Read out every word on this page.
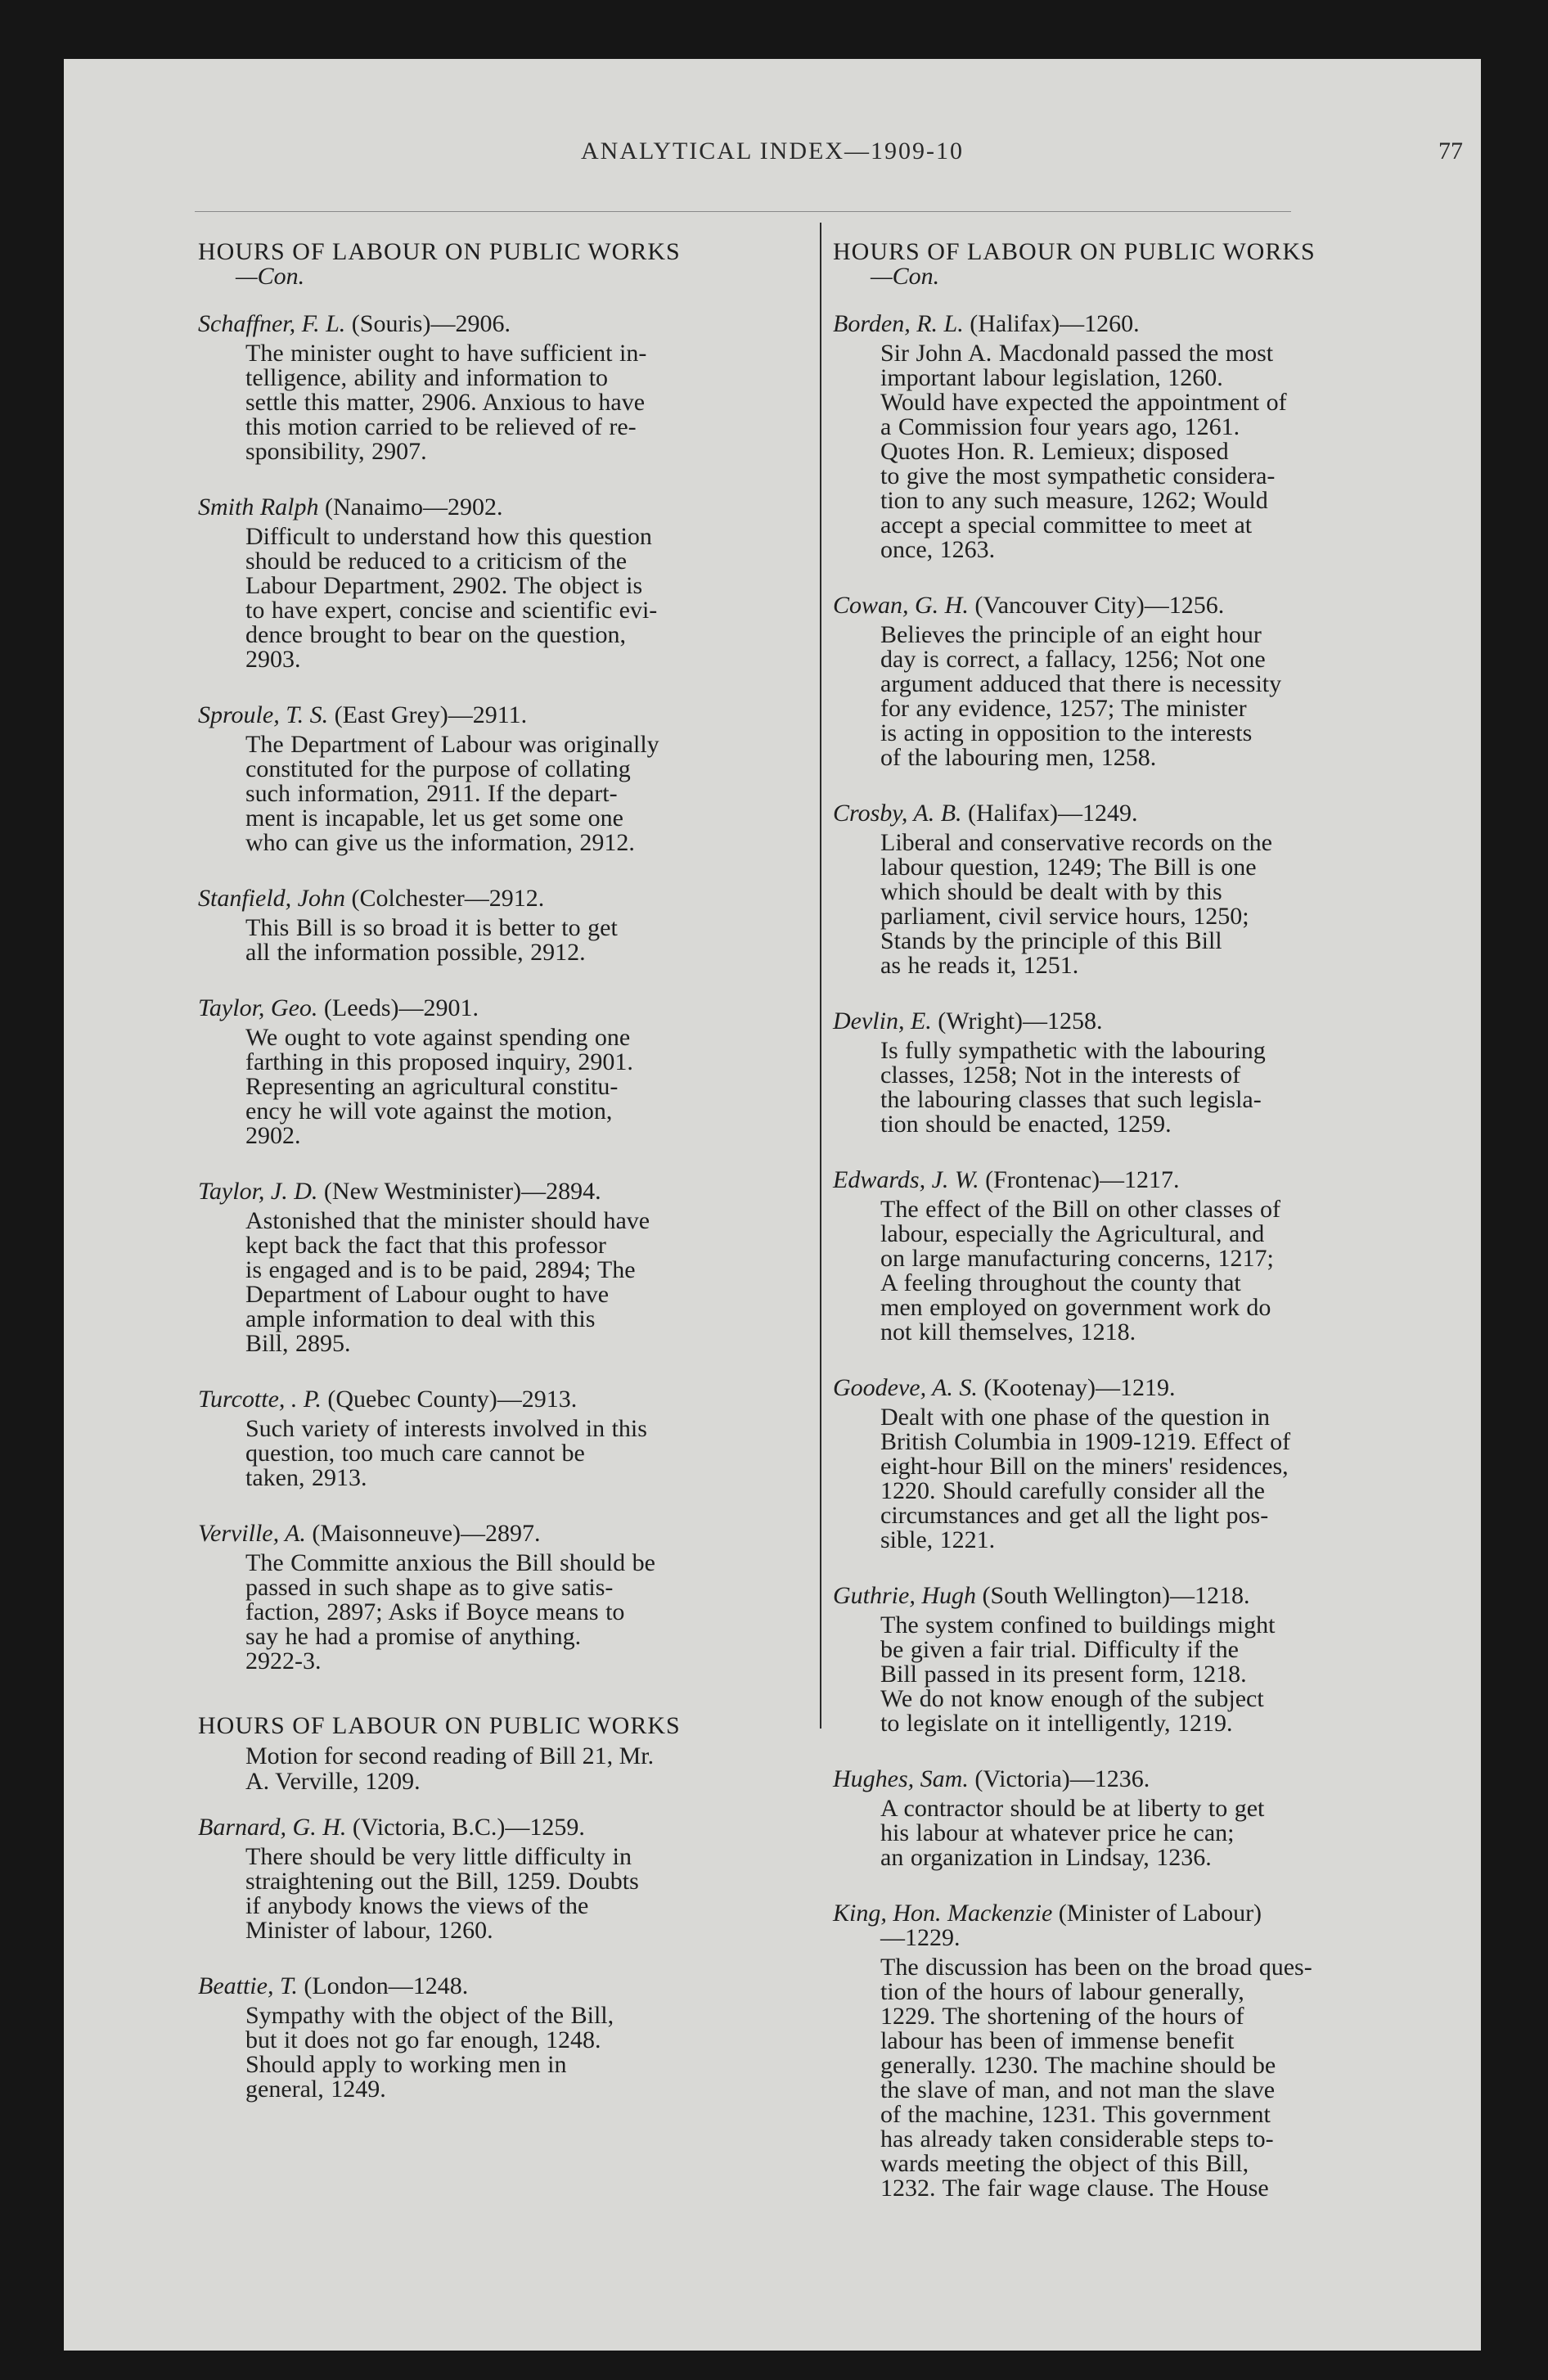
ANALYTICAL INDEX—1909-10	77
HOURS OF LABOUR ON PUBLIC WORKS
—Con.
Schaffner, F. L. (Souris)—2906.
The minister ought to have sufficient in-
telligence, ability and information to
settle this matter, 2906. Anxious to have
this motion carried to be relieved of re-
sponsibility, 2907.
Smith Ralph (Nanaimo—2902.
Difficult to understand how this question
should be reduced to a criticism of the
Labour Department, 2902. The object is
to have expert, concise and scientific evi-
dence brought to bear on the question,
2903.
Sproule, T. S. (East Grey)—2911.
The Department of Labour was originally
constituted for the purpose of collating
such information, 2911. If the depart-
ment is incapable, let us get some one
who can give us the information, 2912.
Stanfield, John (Colchester—2912.
This Bill is so broad it is better to get
all the information possible, 2912.
Taylor, Geo. (Leeds)—2901.
We ought to vote against spending one
farthing in this proposed inquiry, 2901.
Representing an agricultural constitu-
ency he will vote against the motion,
2902.
Taylor, J. D. (New Westminister)—2894.
Astonished that the minister should have
kept back the fact that this professor
is engaged and is to be paid, 2894; The
Department of Labour ought to have
ample information to deal with this
Bill, 2895.
Turcotte, . P. (Quebec County)—2913.
Such variety of interests involved in this
question, too much care cannot be
taken, 2913.
Verville, A. (Maisonneuve)—2897.
The Committe anxious the Bill should be
passed in such shape as to give satis-
faction, 2897; Asks if Boyce means to
say he had a promise of anything.
2922-3.
HOURS OF LABOUR ON PUBLIC WORKS
Motion for second reading of Bill 21, Mr.
A. Verville, 1209.
Barnard, G. H. (Victoria, B.C.)—1259.
There should be very little difficulty in
straightening out the Bill, 1259. Doubts
if anybody knows the views of the
Minister of labour, 1260.
Beattie, T. (London—1248.
Sympathy with the object of the Bill,
but it does not go far enough, 1248.
Should apply to working men in
general, 1249.
HOURS OF LABOUR ON PUBLIC WORKS
—Con.
Borden, R. L. (Halifax)—1260.
Sir John A. Macdonald passed the most
important labour legislation, 1260.
Would have expected the appointment of
a Commission four years ago, 1261.
Quotes Hon. R. Lemieux; disposed
to give the most sympathetic considera-
tion to any such measure, 1262; Would
accept a special committee to meet at
once, 1263.
Cowan, G. H. (Vancouver City)—1256.
Believes the principle of an eight hour
day is correct, a fallacy, 1256; Not one
argument adduced that there is necessity
for any evidence, 1257; The minister
is acting in opposition to the interests
of the labouring men, 1258.
Crosby, A. B. (Halifax)—1249.
Liberal and conservative records on the
labour question, 1249; The Bill is one
which should be dealt with by this
parliament, civil service hours, 1250;
Stands by the principle of this Bill
as he reads it, 1251.
Devlin, E. (Wright)—1258.
Is fully sympathetic with the labouring
classes, 1258; Not in the interests of
the labouring classes that such legisla-
tion should be enacted, 1259.
Edwards, J. W. (Frontenac)—1217.
The effect of the Bill on other classes of
labour, especially the Agricultural, and
on large manufacturing concerns, 1217;
A feeling throughout the county that
men employed on government work do
not kill themselves, 1218.
Goodeve, A. S. (Kootenay)—1219.
Dealt with one phase of the question in
British Columbia in 1909-1219. Effect of
eight-hour Bill on the miners' residences,
1220. Should carefully consider all the
circumstances and get all the light pos-
sible, 1221.
Guthrie, Hugh (South Wellington)—1218.
The system confined to buildings might
be given a fair trial. Difficulty if the
Bill passed in its present form, 1218.
We do not know enough of the subject
to legislate on it intelligently, 1219.
Hughes, Sam. (Victoria)—1236.
A contractor should be at liberty to get
his labour at whatever price he can;
an organization in Lindsay, 1236.
King, Hon. Mackenzie (Minister of Labour)
—1229.
The discussion has been on the broad ques-
tion of the hours of labour generally,
1229. The shortening of the hours of
labour has been of immense benefit
generally. 1230. The machine should be
the slave of man, and not man the slave
of the machine, 1231. This government
has already taken considerable steps to-
wards meeting the object of this Bill,
1232. The fair wage clause. The House
